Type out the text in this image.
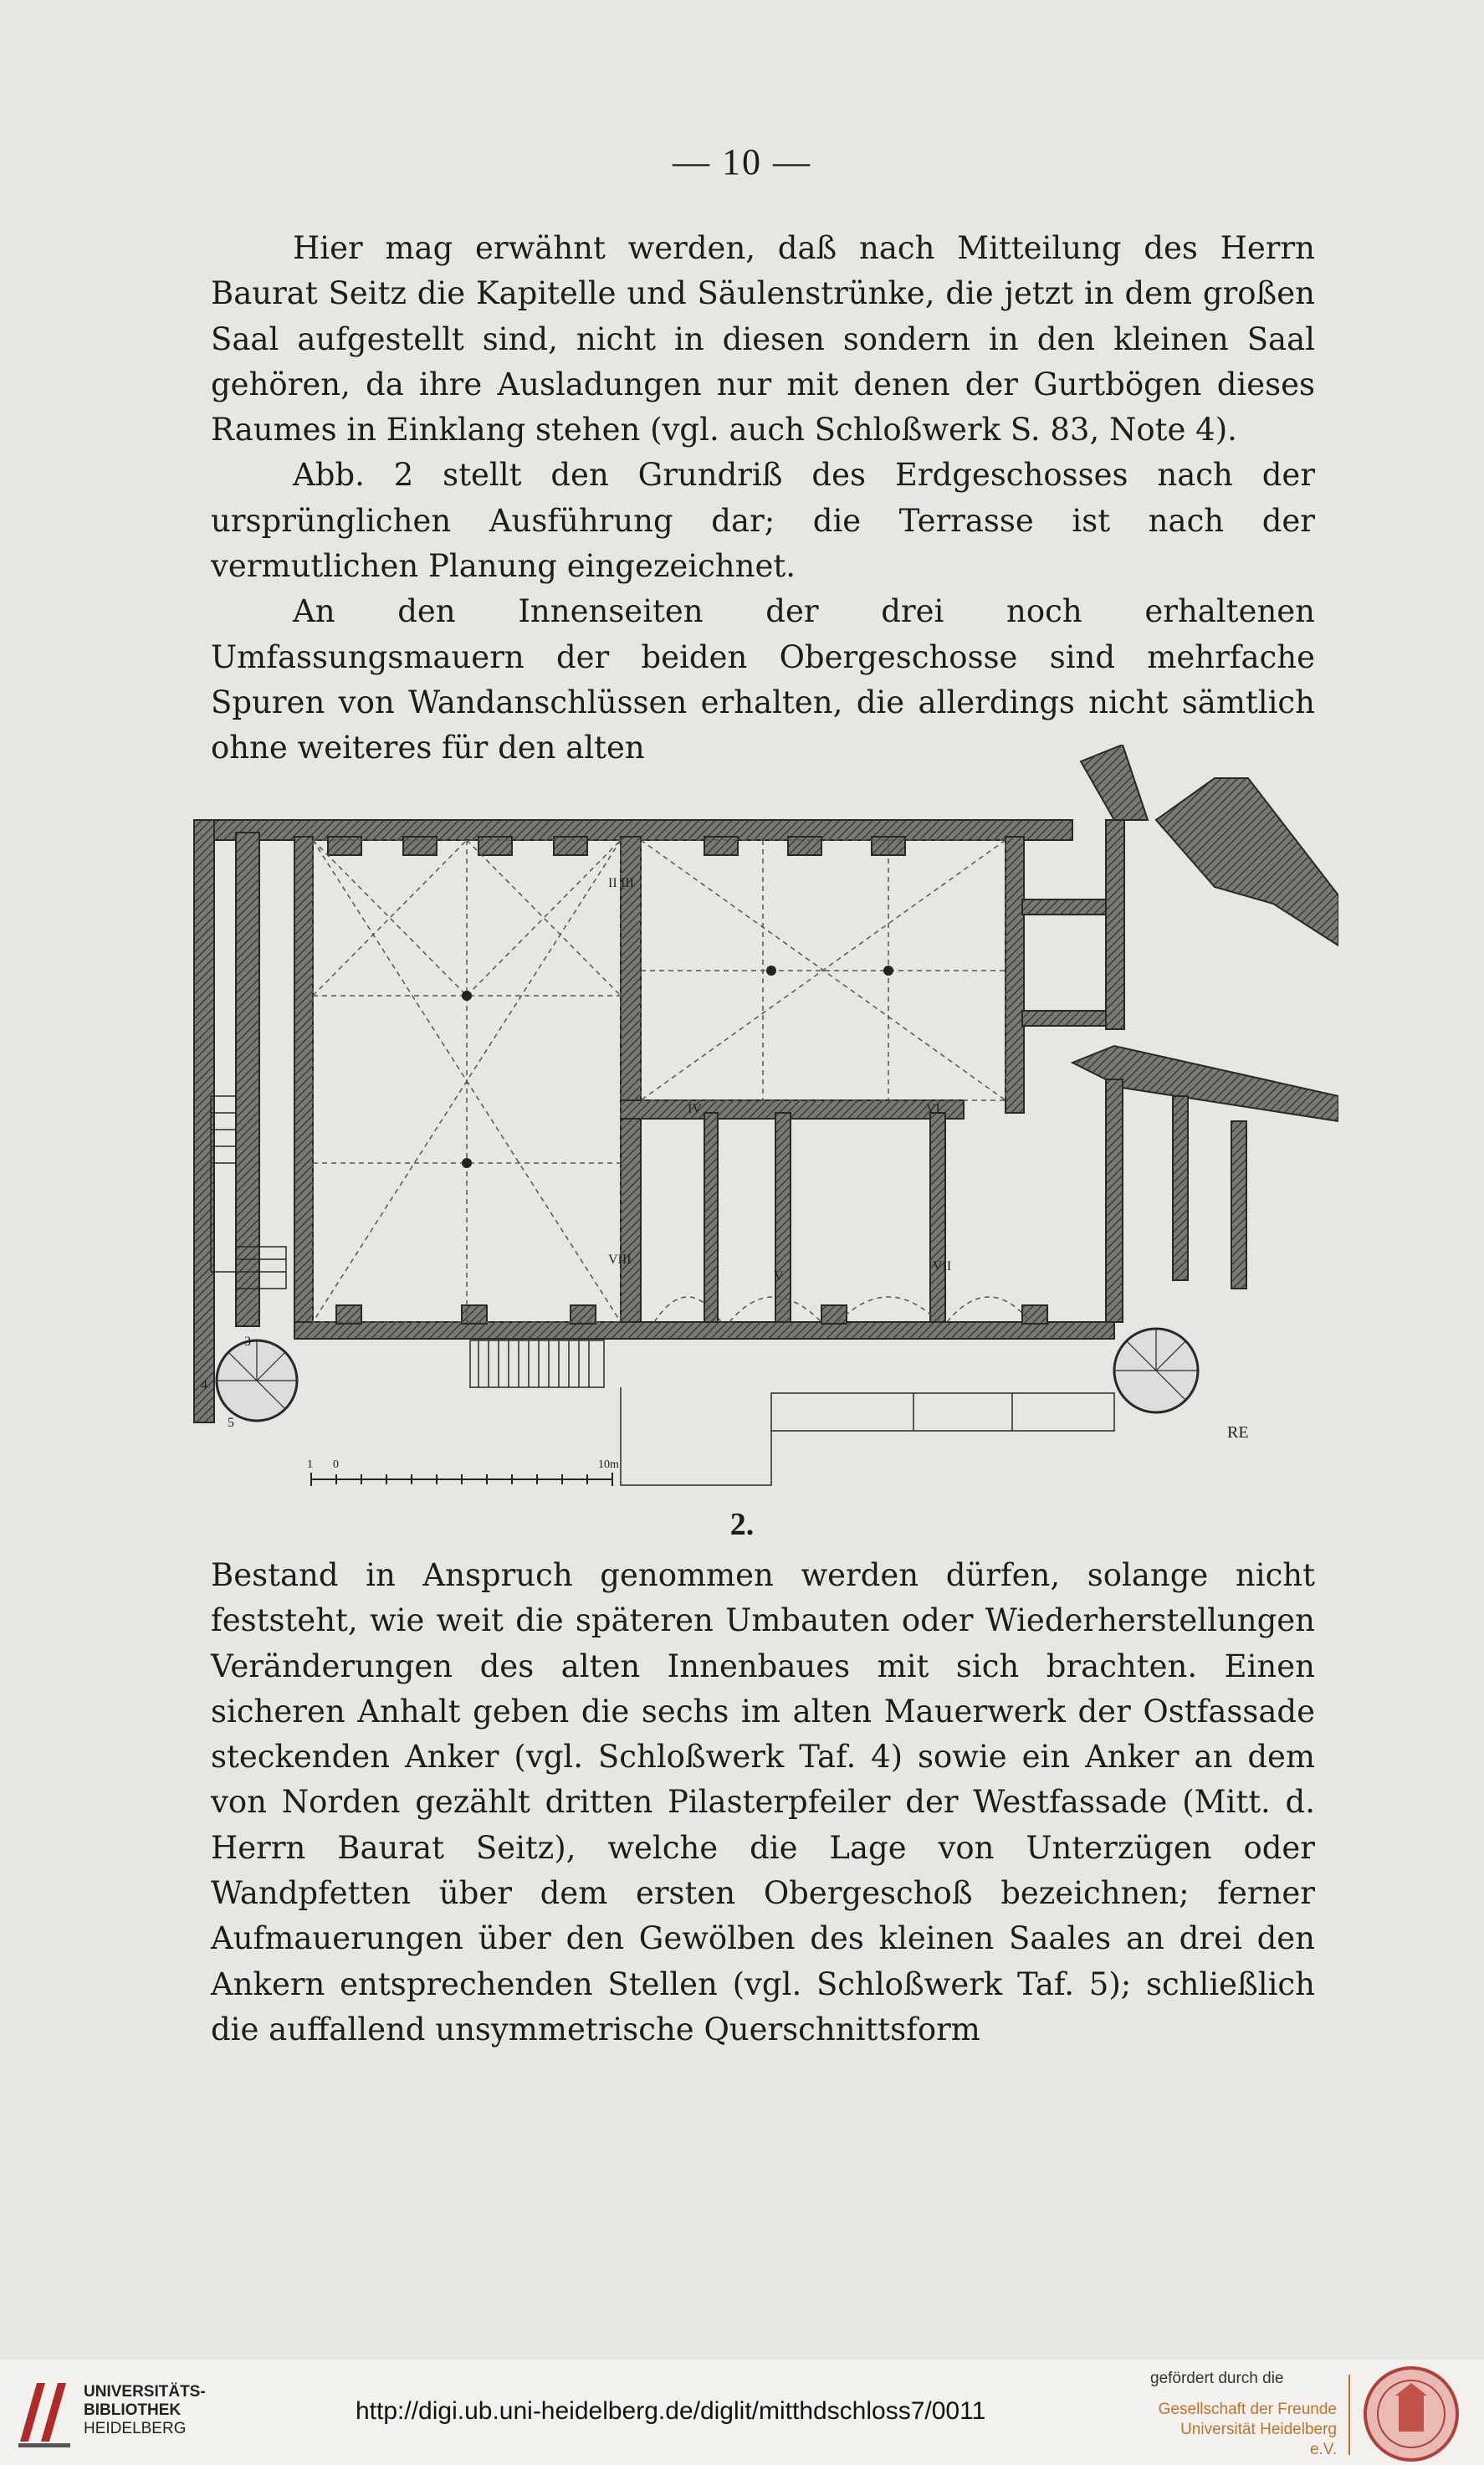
— 10 —

Hier mag erwähnt werden, daß nach Mitteilung des Herrn Baurat Seitz die Kapitelle und Säulenstrünke, die jetzt in dem großen Saal aufgestellt sind, nicht in diesen sondern in den kleinen Saal gehören, da ihre Ausladungen nur mit denen der Gurtbögen dieses Raumes in Einklang stehen (vgl. auch Schloßwerk S. 83, Note 4).

Abb. 2 stellt den Grundriß des Erdgeschosses nach der ursprünglichen Ausführung dar; die Terrasse ist nach der vermutlichen Planung eingezeichnet.

An den Innenseiten der drei noch erhaltenen Umfassungsmauern der beiden Obergeschosse sind mehrfache Spuren von Wandanschlüssen erhalten, die allerdings nicht sämtlich ohne weiteres für den alten

II III
IV
V
VI
VII
VIII
3
4
5
RE
1 0	10m
2.

Bestand in Anspruch genommen werden dürfen, solange nicht feststeht, wie weit die späteren Umbauten oder Wiederherstellungen Veränderungen des alten Innenbaues mit sich brachten. Einen sicheren Anhalt geben die sechs im alten Mauerwerk der Ostfassade steckenden Anker (vgl. Schloßwerk Taf. 4) sowie ein Anker an dem von Norden gezählt dritten Pilasterpfeiler der Westfassade (Mitt. d. Herrn Baurat Seitz), welche die Lage von Unterzügen oder Wandpfetten über dem ersten Obergeschoß bezeichnen; ferner Aufmauerungen über den Gewölben des kleinen Saales an drei den Ankern entsprechenden Stellen (vgl. Schloßwerk Taf. 5); schließlich die auffallend unsymmetrische Querschnittsform

UNIVERSITÄTS-
BIBLIOTHEK
HEIDELBERG
http://digi.ub.uni-heidelberg.de/diglit/mitthdschloss7/0011
gefördert durch die
Gesellschaft der Freunde
Universität Heidelberg e.V.
